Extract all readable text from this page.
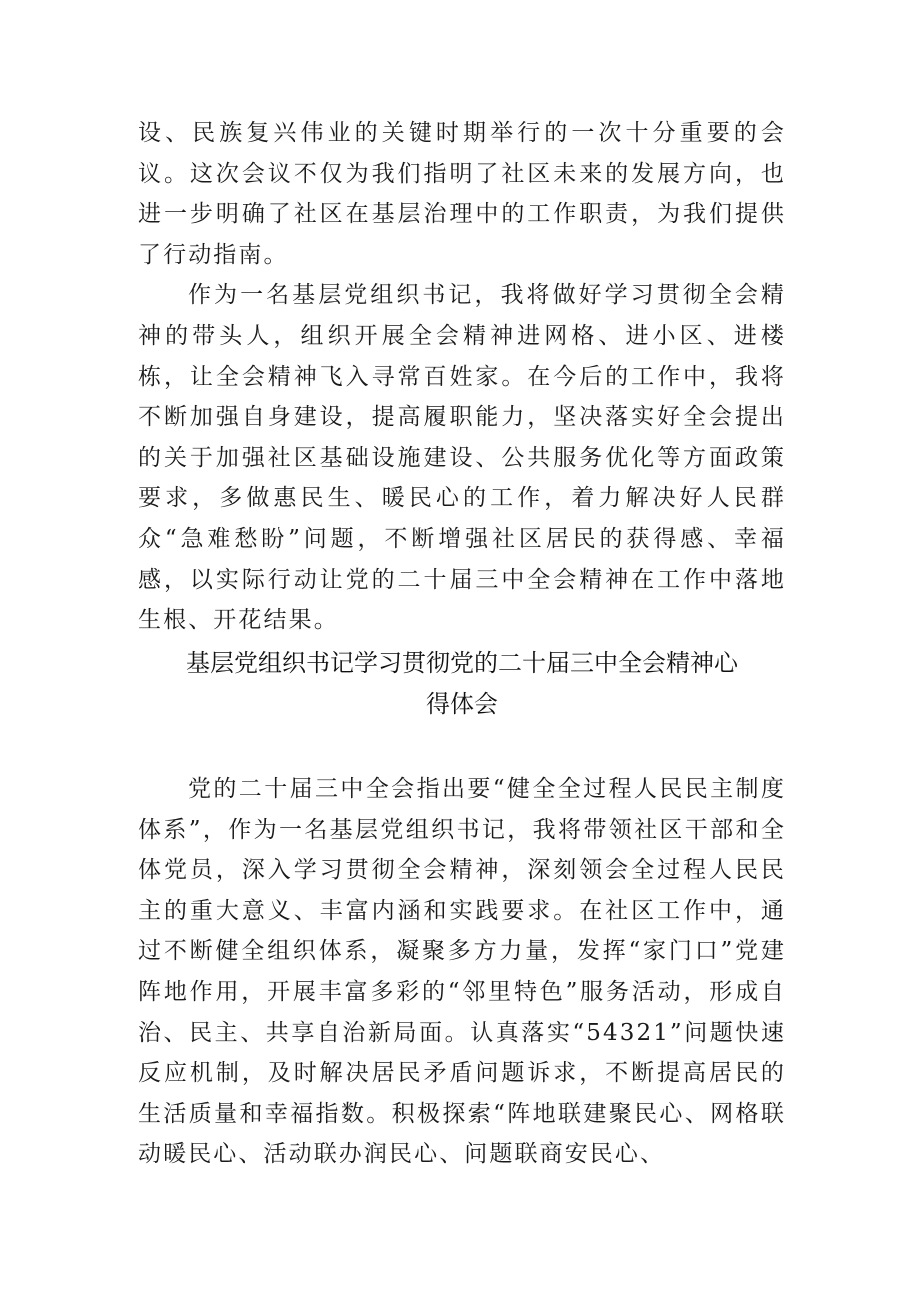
设、民族复兴伟业的关键时期举行的一次十分重要的会议。这次会议不仅为我们指明了社区未来的发展方向，也进一步明确了社区在基层治理中的工作职责，为我们提供了行动指南。

作为一名基层党组织书记，我将做好学习贯彻全会精神的带头人，组织开展全会精神进网格、进小区、进楼栋，让全会精神飞入寻常百姓家。在今后的工作中，我将不断加强自身建设，提高履职能力，坚决落实好全会提出的关于加强社区基础设施建设、公共服务优化等方面政策要求，多做惠民生、暖民心的工作，着力解决好人民群众“急难愁盼”问题，不断增强社区居民的获得感、幸福感，以实际行动让党的二十届三中全会精神在工作中落地生根、开花结果。

基层党组织书记学习贯彻党的二十届三中全会精神心
得体会

党的二十届三中全会指出要“健全全过程人民民主制度体系”，作为一名基层党组织书记，我将带领社区干部和全体党员，深入学习贯彻全会精神，深刻领会全过程人民民主的重大意义、丰富内涵和实践要求。在社区工作中，通过不断健全组织体系，凝聚多方力量，发挥“家门口”党建阵地作用，开展丰富多彩的“邻里特色”服务活动，形成自治、民主、共享自治新局面。认真落实“54321”问题快速反应机制，及时解决居民矛盾问题诉求，不断提高居民的生活质量和幸福指数。积极探索“阵地联建聚民心、网格联动暖民心、活动联办润民心、问题联商安民心、
